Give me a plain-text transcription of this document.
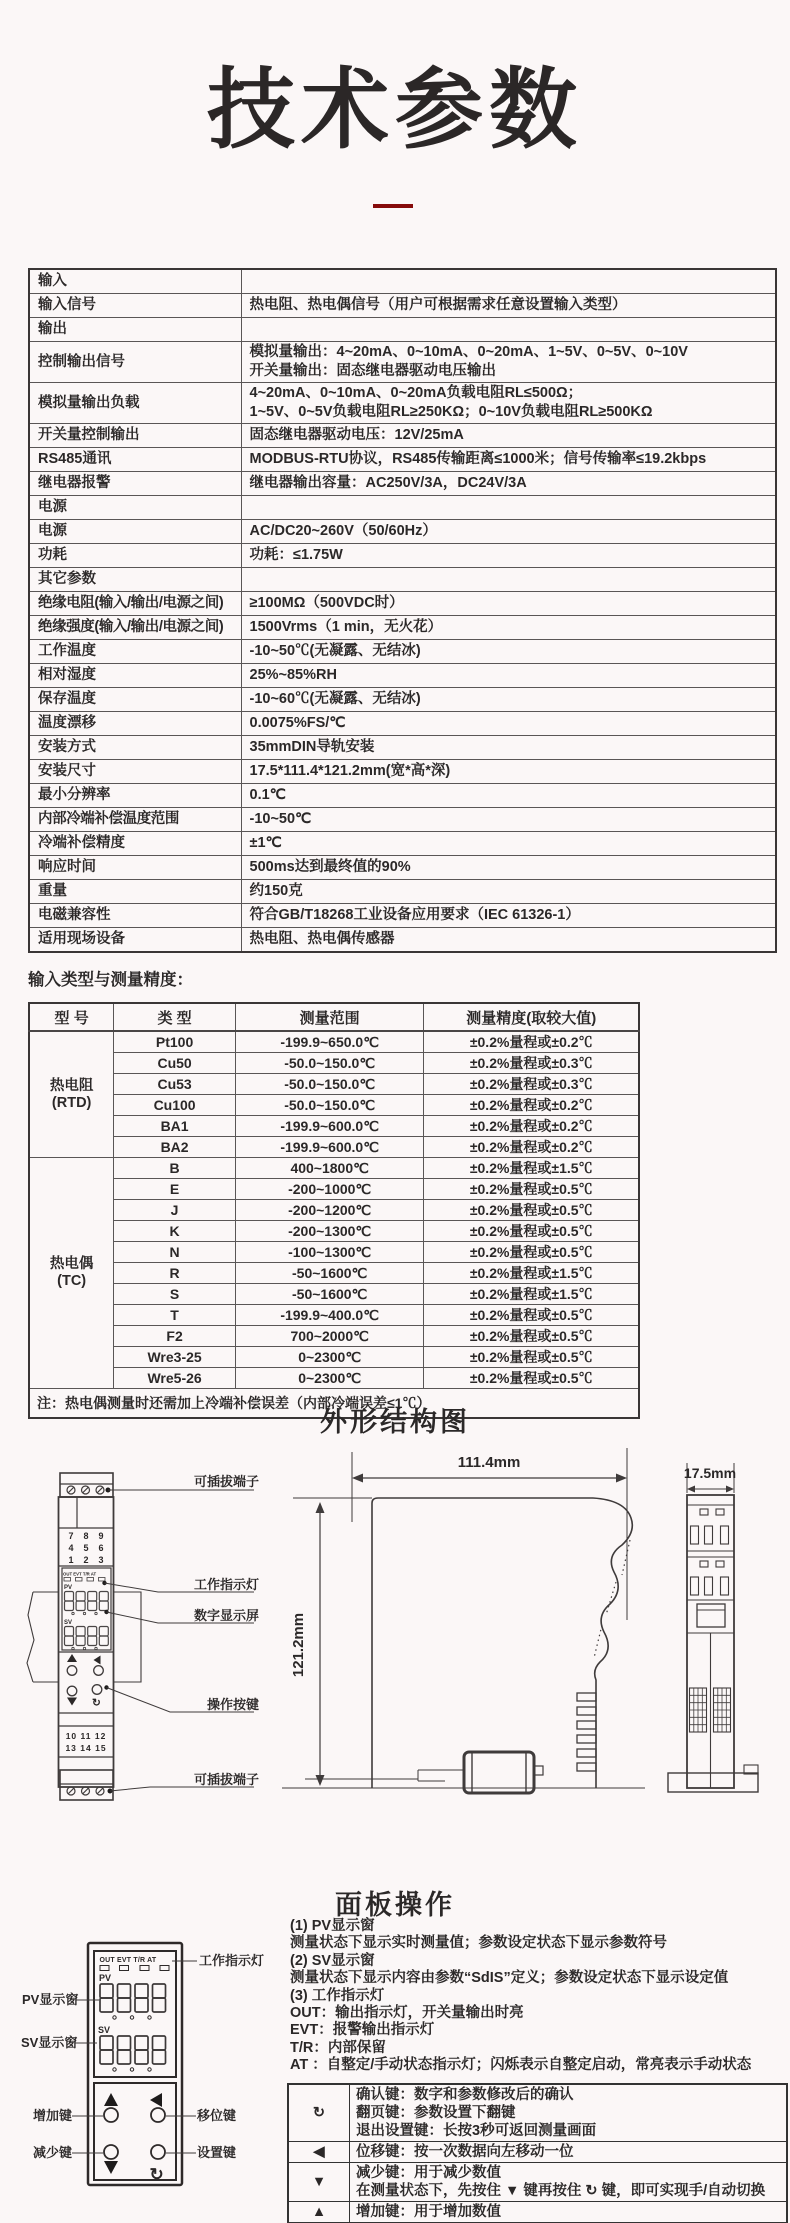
技术参数
输入	
输入信号	热电阻、热电偶信号（用户可根据需求任意设置输入类型）

输出	
控制输出信号	模拟量输出：4~20mA、0~10mA、0~20mA、1~5V、0~5V、0~10V
开关量输出：固态继电器驱动电压输出

模拟量输出负载	4~20mA、0~10mA、0~20mA负载电阻RL≤500Ω；
1~5V、0~5V负载电阻RL≥250KΩ；0~10V负载电阻RL≥500KΩ

开关量控制输出	固态继电器驱动电压：12V/25mA

RS485通讯	MODBUS-RTU协议，RS485传输距离≤1000米；信号传输率≤19.2kbps

继电器报警	继电器输出容量：AC250V/3A，DC24V/3A

电源	
电源	AC/DC20~260V（50/60Hz）

功耗	功耗：≤1.75W

其它参数	
绝缘电阻(输入/输出/电源之间)	≥100MΩ（500VDC时）

绝缘强度(输入/输出/电源之间)	1500Vrms（1 min，无火花）

工作温度	-10~50℃(无凝露、无结冰)

相对湿度	25%~85%RH

保存温度	-10~60℃(无凝露、无结冰)

温度漂移	0.0075%FS/℃

安装方式	35mmDIN导轨安装

安装尺寸	17.5*111.4*121.2mm(宽*高*深)

最小分辨率	0.1℃

内部冷端补偿温度范围	-10~50℃

冷端补偿精度	±1℃

响应时间	500ms达到最终值的90%

重量	约150克

电磁兼容性	符合GB/T18268工业设备应用要求（IEC 61326-1）

适用现场设备	热电阻、热电偶传感器
输入类型与测量精度：
型 号	类 型	测量范围	测量精度(取较大值)

热电阻
(RTD)	Pt100	-199.9~650.0℃	±0.2%量程或±0.2℃
	Cu50	-50.0~150.0℃	±0.2%量程或±0.3℃
	Cu53	-50.0~150.0℃	±0.2%量程或±0.3℃
	Cu100	-50.0~150.0℃	±0.2%量程或±0.2℃
	BA1	-199.9~600.0℃	±0.2%量程或±0.2℃
	BA2	-199.9~600.0℃	±0.2%量程或±0.2℃

热电偶
(TC)	B	400~1800℃	±0.2%量程或±1.5℃
	E	-200~1000℃	±0.2%量程或±0.5℃
	J	-200~1200℃	±0.2%量程或±0.5℃
	K	-200~1300℃	±0.2%量程或±0.5℃
	N	-100~1300℃	±0.2%量程或±0.5℃
	R	-50~1600℃	±0.2%量程或±1.5℃
	S	-50~1600℃	±0.2%量程或±1.5℃
	T	-199.9~400.0℃	±0.2%量程或±0.5℃
	F2	700~2000℃	±0.2%量程或±0.5℃
	Wre3-25	0~2300℃	±0.2%量程或±0.5℃
	Wre5-26	0~2300℃	±0.2%量程或±0.5℃
注：热电偶测量时还需加上冷端补偿误差（内部冷端误差≤1℃）			
外形结构图
↻
7 8 9
4 5 6
1 2 3
10 11 12
13 14 15
OUT EVT T/R AT
PV
SV
可插拔端子
工作指示灯
数字显示屏
操作按键
可插拔端子
111.4mm
121.2mm
17.5mm
面板操作
↻
OUT EVT T/R AT
PV
SV
工作指示灯
PV显示窗
SV显示窗
增加键	移位键
减少键	设置键
(1) PV显示窗
测量状态下显示实时测量值；参数设定状态下显示参数符号
(2) SV显示窗
测量状态下显示内容由参数“SdIS”定义；参数设定状态下显示设定值
(3) 工作指示灯
OUT：输出指示灯，开关量输出时亮
EVT：报警输出指示灯
T/R：内部保留
AT ：自整定/手动状态指示灯；闪烁表示自整定启动，常亮表示手动状态
↻	确认键：数字和参数修改后的确认
翻页键：参数设置下翻键
退出设置键：长按3秒可返回测量画面

◀	位移键：按一次数据向左移动一位

▼	减少键：用于减少数值
在测量状态下，先按住 ▼ 键再按住 ↻ 键，即可实现手/自动切换

▲	增加键：用于增加数值
